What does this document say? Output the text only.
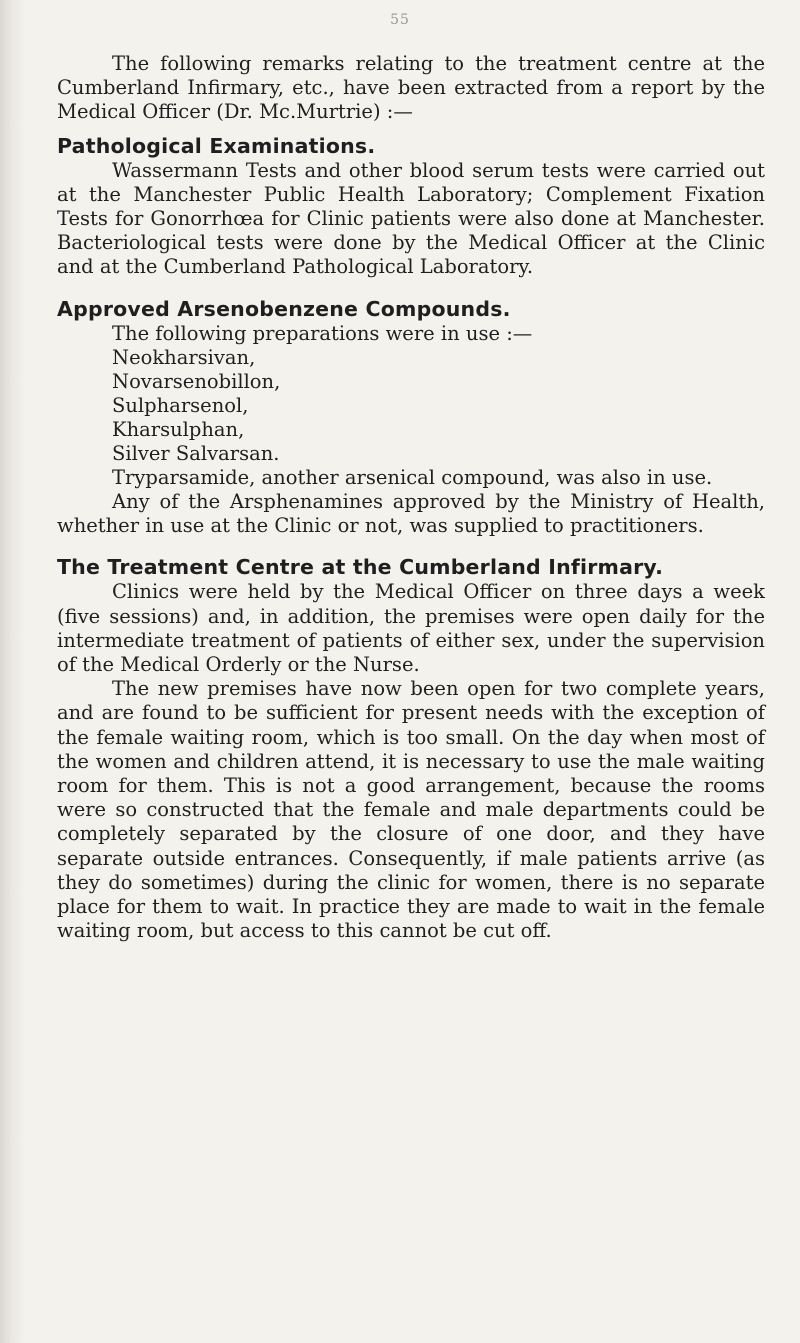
55

The following remarks relating to the treatment centre at the Cumberland Infirmary, etc., have been extracted from a report by the Medical Officer (Dr. Mc.Murtrie) :—

Pathological Examinations.

Wassermann Tests and other blood serum tests were carried out at the Manchester Public Health Laboratory; Complement Fixation Tests for Gonorrhœa for Clinic patients were also done at Manchester. Bacteriological tests were done by the Medical Officer at the Clinic and at the Cumberland Pathological Laboratory.

Approved Arsenobenzene Compounds.

The following preparations were in use :—

Neokharsivan,
Novarsenobillon,
Sulpharsenol,
Kharsulphan,
Silver Salvarsan.

Tryparsamide, another arsenical compound, was also in use.

Any of the Arsphenamines approved by the Ministry of Health, whether in use at the Clinic or not, was supplied to practitioners.

The Treatment Centre at the Cumberland Infirmary.

Clinics were held by the Medical Officer on three days a week (five sessions) and, in addition, the premises were open daily for the intermediate treatment of patients of either sex, under the supervision of the Medical Orderly or the Nurse.

The new premises have now been open for two complete years, and are found to be sufficient for present needs with the exception of the female waiting room, which is too small. On the day when most of the women and children attend, it is necessary to use the male waiting room for them. This is not a good arrangement, because the rooms were so constructed that the female and male departments could be completely separated by the closure of one door, and they have separate outside entrances. Consequently, if male patients arrive (as they do sometimes) during the clinic for women, there is no separate place for them to wait. In practice they are made to wait in the female waiting room, but access to this cannot be cut off.
